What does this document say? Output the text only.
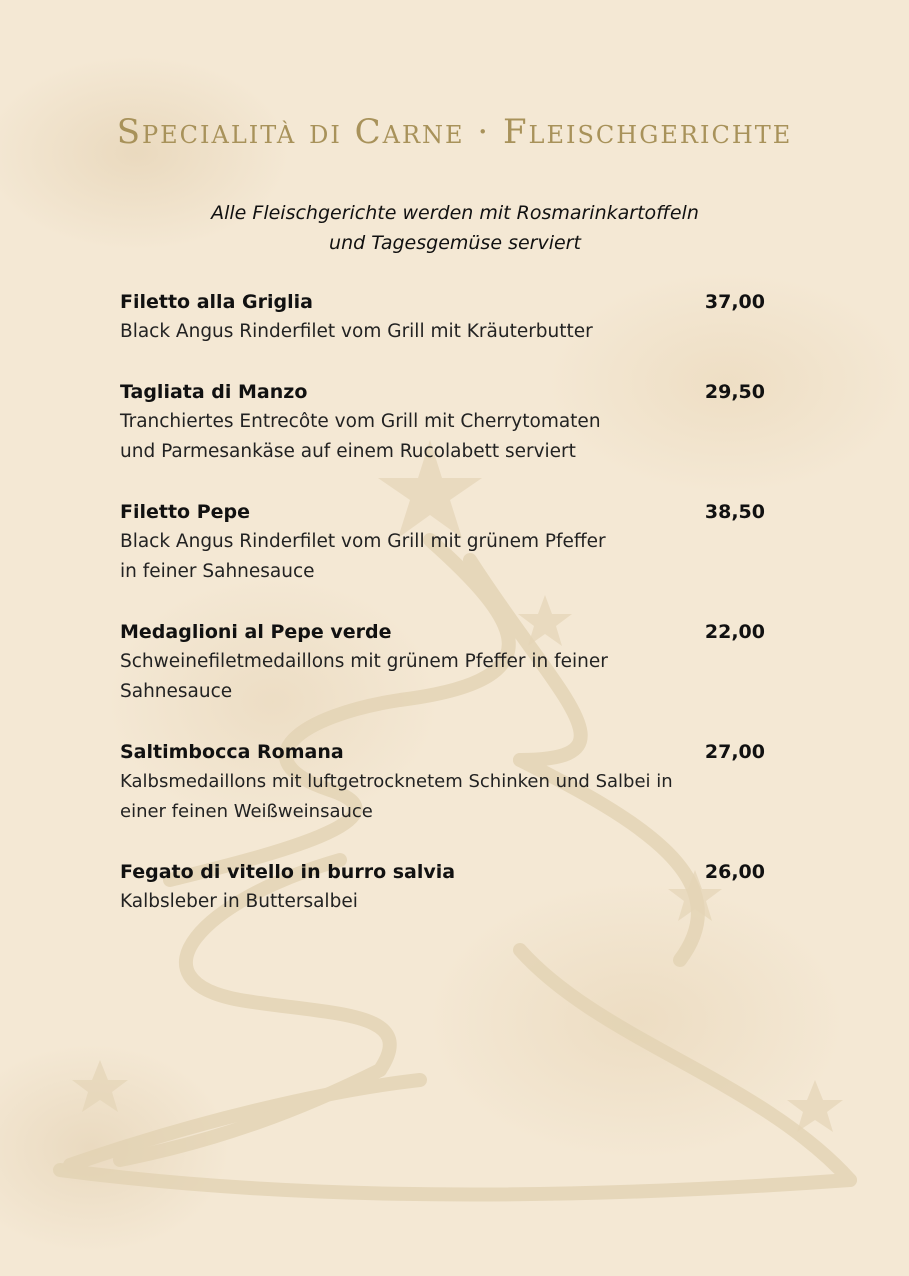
Specialità di Carne · Fleischgerichte
Alle Fleischgerichte werden mit Rosmarinkartoffeln
und Tagesgemüse serviert
Filetto alla Griglia	37,00
Black Angus Rinderfilet vom Grill mit Kräuterbutter
Tagliata di Manzo	29,50
Tranchiertes Entrecôte vom Grill mit Cherrytomaten
und Parmesankäse auf einem Rucolabett serviert
Filetto Pepe	38,50
Black Angus Rinderfilet vom Grill mit grünem Pfeffer
in feiner Sahnesauce
Medaglioni al Pepe verde	22,00
Schweinefiletmedaillons mit grünem Pfeffer in feiner
Sahnesauce
Saltimbocca Romana	27,00
Kalbsmedaillons mit luftgetrocknetem Schinken und Salbei in
einer feinen Weißweinsauce
Fegato di vitello in burro salvia	26,00
Kalbsleber in Buttersalbei
